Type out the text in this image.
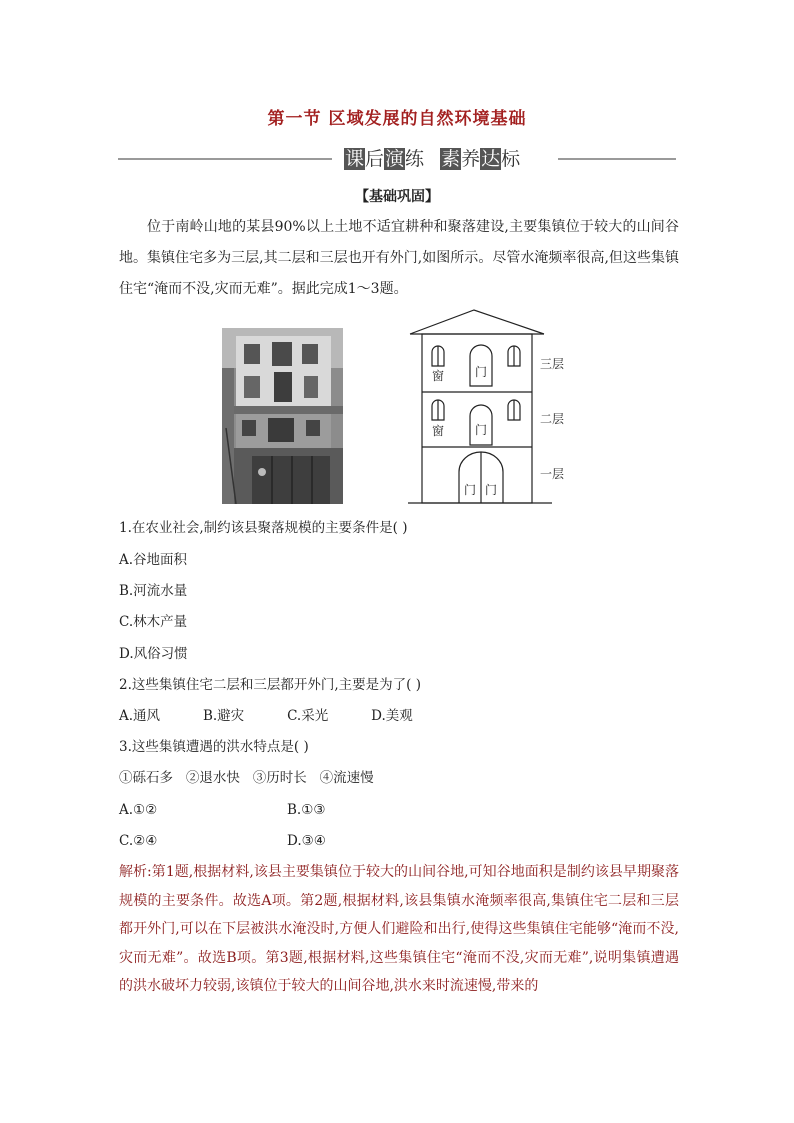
第一节 区域发展的自然环境基础
课后演练 素养达标
【基础巩固】
位于南岭山地的某县90%以上土地不适宜耕种和聚落建设,主要集镇位于较大的山间谷地。集镇住宅多为三层,其二层和三层也开有外门,如图所示。尽管水淹频率很高,但这些集镇住宅“淹而不没,灾而无难”。据此完成1～3题。
窗	门
窗	门
门 门
三层
二层
一层
1.在农业社会,制约该县聚落规模的主要条件是( )
A.谷地面积
B.河流水量
C.林木产量
D.风俗习惯
2.这些集镇住宅二层和三层都开外门,主要是为了( )
A.通风          B.避灾          C.采光          D.美观
3.这些集镇遭遇的洪水特点是( )
①砾石多   ②退水快   ③历时长   ④流速慢
A.①②	B.①③
C.②④	D.③④
解析:第1题,根据材料,该县主要集镇位于较大的山间谷地,可知谷地面积是制约该县早期聚落规模的主要条件。故选A项。第2题,根据材料,该县集镇水淹频率很高,集镇住宅二层和三层都开外门,可以在下层被洪水淹没时,方便人们避险和出行,使得这些集镇住宅能够“淹而不没,灾而无难”。故选B项。第3题,根据材料,这些集镇住宅“淹而不没,灾而无难”,说明集镇遭遇的洪水破坏力较弱,该镇位于较大的山间谷地,洪水来时流速慢,带来的
